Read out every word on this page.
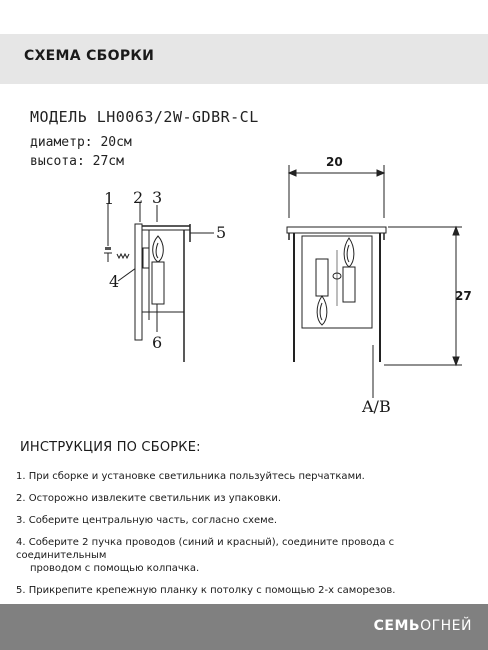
СХЕМА СБОРКИ
МОДЕЛЬ LH0063/2W-GDBR-CL
диаметр: 20см
высота: 27см
1 2 3
4
5
6
20
27
A/B
ИНСТРУКЦИЯ ПО СБОРКЕ:
1. При сборке и установке светильника пользуйтесь перчатками.
2. Осторожно извлеките светильник из упаковки.
3. Соберите центральную часть, согласно схеме.
4. Соберите 2 пучка проводов (синий и красный), соедините провода с соединительным
проводом с помощью колпачка.
5. Прикрепите крепежную планку к потолку с помощью 2-х саморезов.
СЕМЬОГНЕЙ
